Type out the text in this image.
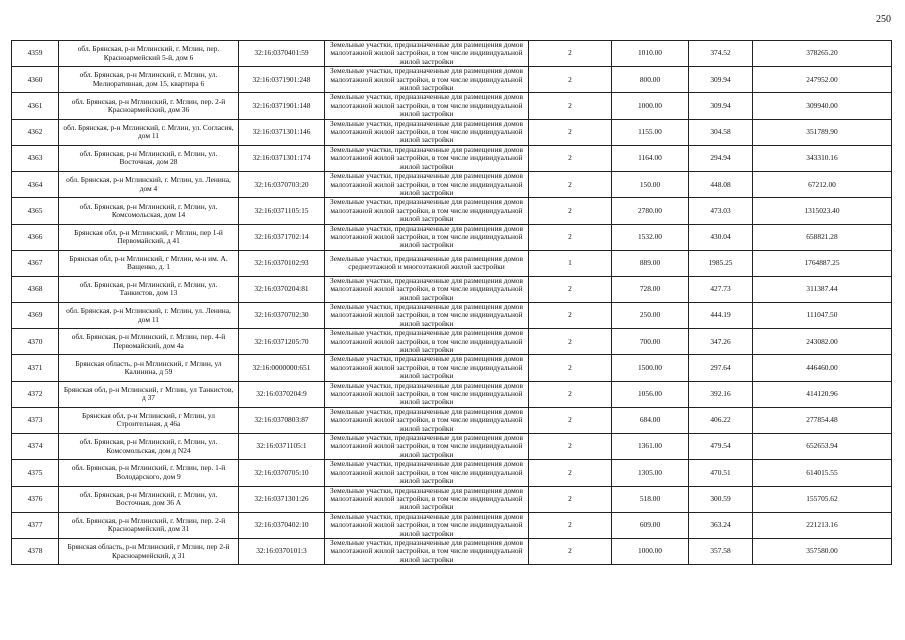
250
4359	обл. Брянская, р-н Мглинский, г. Мглин, пер. Красноармейский 5-й, дом 6	32:16:0370401:59	Земельные участки, предназначенные для размещения домов малоэтажной жилой застройки, в том числе индивидуальной жилой застройки	2	1010.00	374.52	378265.20
4360	обл. Брянская, р-н Мглинский, г. Мглин, ул. Мелиоративная, дом 15, квартира 6	32:16:0371901:248	Земельные участки, предназначенные для размещения домов малоэтажной жилой застройки, в том числе индивидуальной жилой застройки	2	800.00	309.94	247952.00
4361	обл. Брянская, р-н Мглинский, г. Мглин, пер. 2-й Красноармейский, дом 36	32:16:0371901:148	Земельные участки, предназначенные для размещения домов малоэтажной жилой застройки, в том числе индивидуальной жилой застройки	2	1000.00	309.94	309940.00
4362	обл. Брянская, р-н Мглинский, г. Мглин, ул. Согласия, дом 11	32:16:0371301:146	Земельные участки, предназначенные для размещения домов малоэтажной жилой застройки, в том числе индивидуальной жилой застройки	2	1155.00	304.58	351789.90
4363	обл. Брянская, р-н Мглинский, г. Мглин, ул. Восточная, дом 28	32:16:0371301:174	Земельные участки, предназначенные для размещения домов малоэтажной жилой застройки, в том числе индивидуальной жилой застройки	2	1164.00	294.94	343310.16
4364	обл. Брянская, р-н Мглинский, г. Мглин, ул. Ленина, дом 4	32:16:0370703:20	Земельные участки, предназначенные для размещения домов малоэтажной жилой застройки, в том числе индивидуальной жилой застройки	2	150.00	448.08	67212.00
4365	обл. Брянская, р-н Мглинский, г. Мглин, ул. Комсомольская, дом 14	32:16:0371105:15	Земельные участки, предназначенные для размещения домов малоэтажной жилой застройки, в том числе индивидуальной жилой застройки	2	2780.00	473.03	1315023.40
4366	Брянская обл, р-н Мглинский, г Мглин, пер 1-й Первомайский, д 41	32:16:0371702:14	Земельные участки, предназначенные для размещения домов малоэтажной жилой застройки, в том числе индивидуальной жилой застройки	2	1532.00	430.04	658821.28
4367	Брянская обл, р-н Мглинский, г Мглин, м-н им. А. Ващенко, д. 1	32:16:0370102:93	Земельные участки, предназначенные для размещения домов среднеэтажной и многоэтажной жилой застройки	1	889.00	1985.25	1764887.25
4368	обл. Брянская, р-н Мглинский, г. Мглин, ул. Танкистов, дом 13	32:16:0370204:81	Земельные участки, предназначенные для размещения домов малоэтажной жилой застройки, в том числе индивидуальной жилой застройки	2	728.00	427.73	311387.44
4369	обл. Брянская, р-н Мглинский, г. Мглин, ул. Ленина, дом 11	32:16:0370702:30	Земельные участки, предназначенные для размещения домов малоэтажной жилой застройки, в том числе индивидуальной жилой застройки	2	250.00	444.19	111047.50
4370	обл. Брянская, р-н Мглинский, г. Мглин, пер. 4-й Первомайский, дом 4а	32:16:0371205:70	Земельные участки, предназначенные для размещения домов малоэтажной жилой застройки, в том числе индивидуальной жилой застройки	2	700.00	347.26	243082.00
4371	Брянская область, р-н Мглинский, г Мглин, ул Калинина, д 59	32:16:0000000:651	Земельные участки, предназначенные для размещения домов малоэтажной жилой застройки, в том числе индивидуальной жилой застройки	2	1500.00	297.64	446460.00
4372	Брянская обл, р-н Мглинский, г Мглин, ул Танкистов, д 37	32:16:0370204:9	Земельные участки, предназначенные для размещения домов малоэтажной жилой застройки, в том числе индивидуальной жилой застройки	2	1056.00	392.16	414120.96
4373	Брянская обл, р-н Мглинский, г Мглин, ул Строительная, д 46а	32:16:0370803:87	Земельные участки, предназначенные для размещения домов малоэтажной жилой застройки, в том числе индивидуальной жилой застройки	2	684.00	406.22	277854.48
4374	обл. Брянская, р-н Мглинский, г. Мглин, ул. Комсомольская, дом д N24	32:16:0371105:1	Земельные участки, предназначенные для размещения домов малоэтажной жилой застройки, в том числе индивидуальной жилой застройки	2	1361.00	479.54	652653.94
4375	обл. Брянская, р-н Мглинский, г. Мглин, пер. 1-й Володарского, дом 9	32:16:0370705:10	Земельные участки, предназначенные для размещения домов малоэтажной жилой застройки, в том числе индивидуальной жилой застройки	2	1305.00	470.51	614015.55
4376	обл. Брянская, р-н Мглинский, г. Мглин, ул. Восточная, дом 36 А	32:16:0371301:26	Земельные участки, предназначенные для размещения домов малоэтажной жилой застройки, в том числе индивидуальной жилой застройки	2	518.00	300.59	155705.62
4377	обл. Брянская, р-н Мглинский, г. Мглин, пер. 2-й Красноармейский, дом 31	32:16:0370402:10	Земельные участки, предназначенные для размещения домов малоэтажной жилой застройки, в том числе индивидуальной жилой застройки	2	609.00	363.24	221213.16
4378	Брянская область, р-н Мглинский, г Мглин, пер 2-й Красноармейский, д 31	32:16:0370101:3	Земельные участки, предназначенные для размещения домов малоэтажной жилой застройки, в том числе индивидуальной жилой застройки	2	1000.00	357.58	357580.00
